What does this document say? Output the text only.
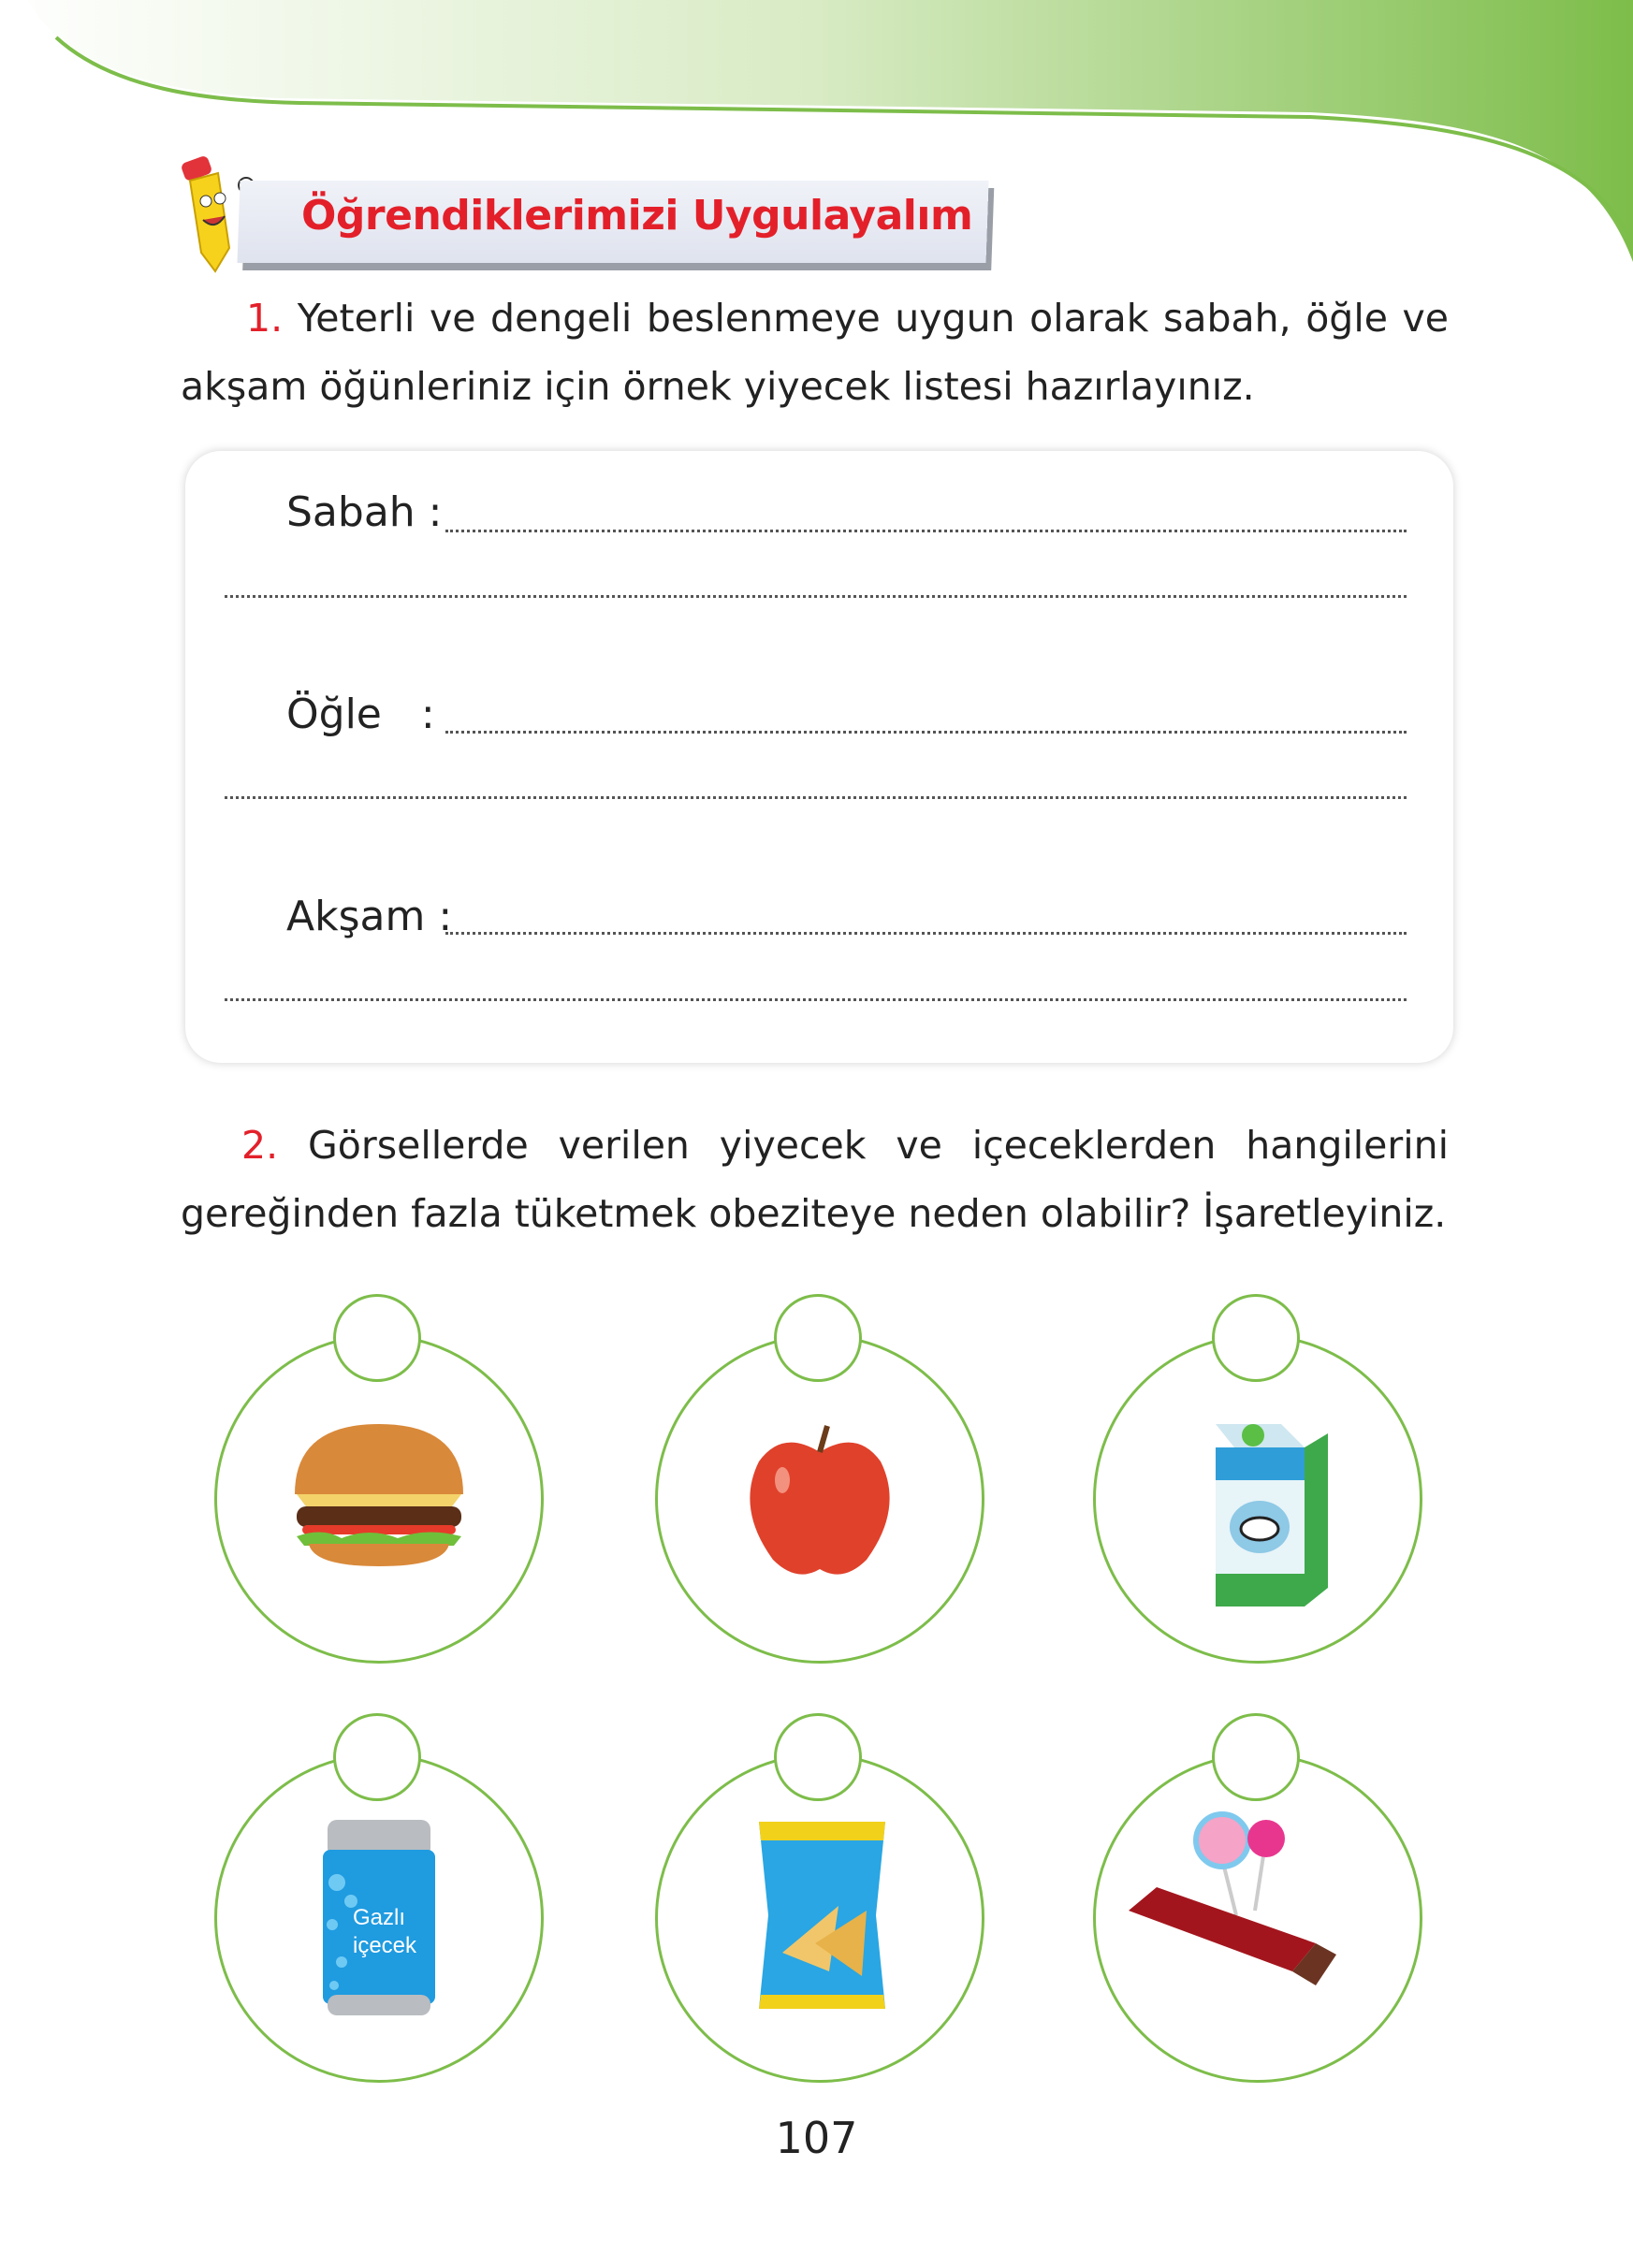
Öğrendiklerimizi Uygulayalım
1. Yeterli ve dengeli beslenmeye uygun olarak sabah, öğle ve akşam öğünleriniz için örnek yiyecek listesi hazırlayınız.
Sabah :
Öğle   :
Akşam :
2. Görsellerde verilen yiyecek ve içeceklerden hangilerini gereğinden fazla tüketmek obeziteye neden olabilir? İşaretleyiniz.
Gazlı
içecek
107
